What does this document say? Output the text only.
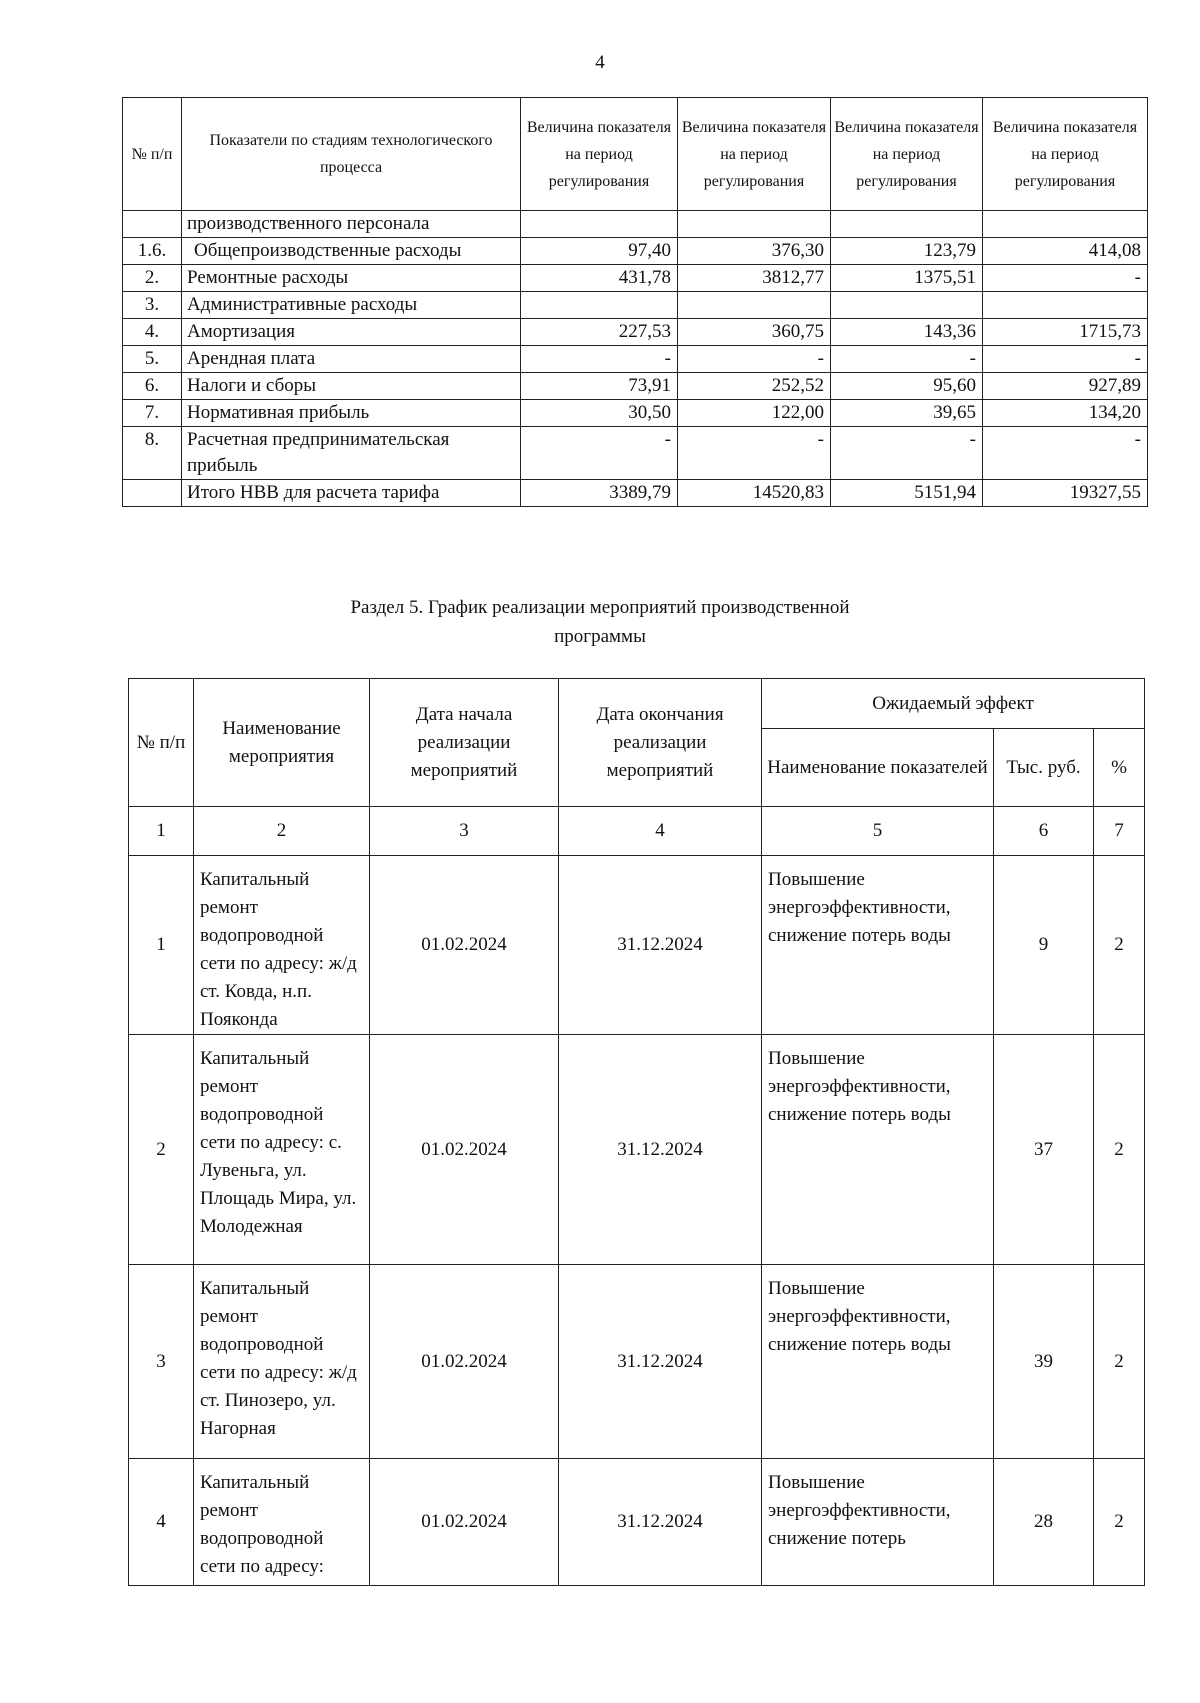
4
№ п/п	Показатели по стадиям технологического процесса	Величина показателя на период регулирования	Величина показателя на период регулирования	Величина показателя на период регулирования	Величина показателя на период регулирования
	производственного персонала				
1.6.	Общепроизводственные расходы	97,40	376,30	123,79	414,08
2.	Ремонтные расходы	431,78	3812,77	1375,51	-
3.	Административные расходы				
4.	Амортизация	227,53	360,75	143,36	1715,73
5.	Арендная плата	-	-	-	-
6.	Налоги и сборы	73,91	252,52	95,60	927,89
7.	Нормативная прибыль	30,50	122,00	39,65	134,20
8.	Расчетная предпринимательская прибыль	-	-	-	-
	Итого НВВ для расчета тарифа	3389,79	14520,83	5151,94	19327,55
Раздел 5. График реализации мероприятий производственной
программы
№ п/п	Наименование мероприятия	Дата начала реализации мероприятий	Дата окончания реализации мероприятий	Ожидаемый эффект		
				Наименование показателей	Тыс. руб.	%
1	2	3	4	5	6	7
1	Капитальный ремонт водопроводной сети по адресу: ж/д ст. Ковда, н.п. Пояконда	01.02.2024	31.12.2024	Повышение энергоэффективности, снижение потерь воды	9	2
2	Капитальный ремонт водопроводной сети по адресу: с. Лувеньга, ул. Площадь Мира, ул. Молодежная	01.02.2024	31.12.2024	Повышение энергоэффективности, снижение потерь воды	37	2
3	Капитальный ремонт водопроводной сети по адресу: ж/д ст. Пинозеро, ул. Нагорная	01.02.2024	31.12.2024	Повышение энергоэффективности, снижение потерь воды	39	2
4	Капитальный ремонт водопроводной сети по адресу:	01.02.2024	31.12.2024	Повышение энергоэффективности, снижение потерь	28	2
